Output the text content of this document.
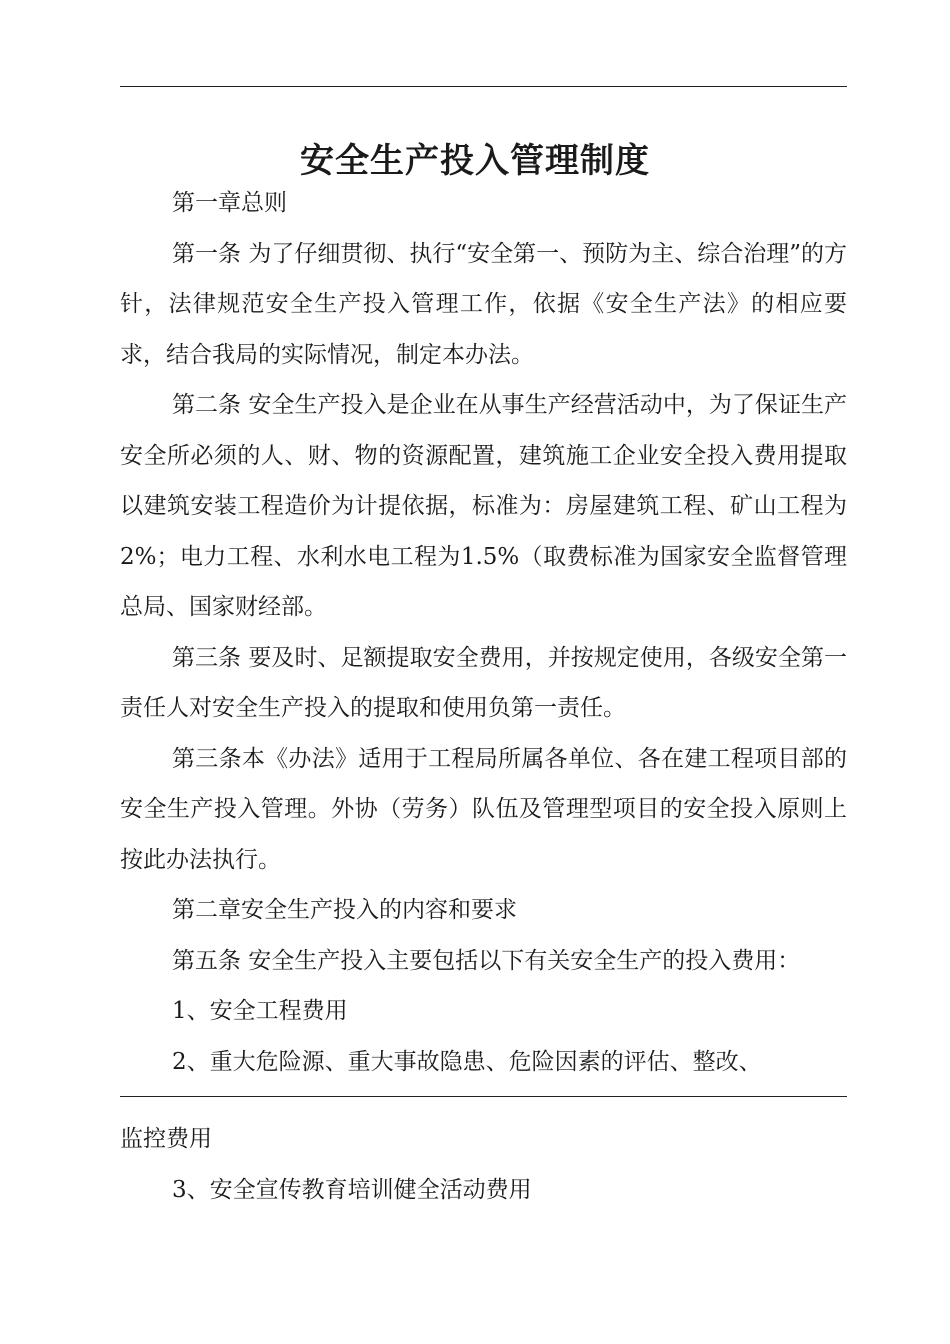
安全生产投入管理制度

第一章总则

第一条 为了仔细贯彻、执行“安全第一、预防为主、综合治理”的方针，法律规范安全生产投入管理工作，依据《安全生产法》的相应要求，结合我局的实际情况，制定本办法。

第二条 安全生产投入是企业在从事生产经营活动中，为了保证生产安全所必须的人、财、物的资源配置，建筑施工企业安全投入费用提取以建筑安装工程造价为计提依据，标准为：房屋建筑工程、矿山工程为2%；电力工程、水利水电工程为1.5%（取费标准为国家安全监督管理总局、国家财经部。

第三条 要及时、足额提取安全费用，并按规定使用，各级安全第一责任人对安全生产投入的提取和使用负第一责任。

第三条本《办法》适用于工程局所属各单位、各在建工程项目部的安全生产投入管理。外协（劳务）队伍及管理型项目的安全投入原则上按此办法执行。

第二章安全生产投入的内容和要求

第五条 安全生产投入主要包括以下有关安全生产的投入费用：

1、安全工程费用

2、重大危险源、重大事故隐患、危险因素的评估、整改、

监控费用

3、安全宣传教育培训健全活动费用
